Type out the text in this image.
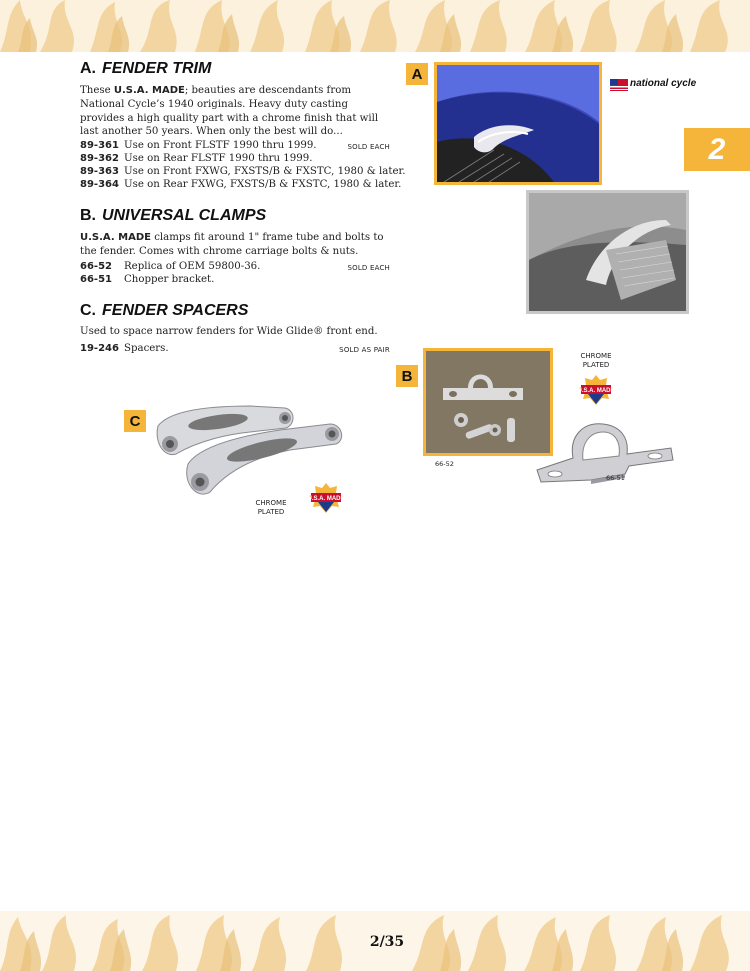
2
A. FENDER TRIM
These U.S.A. MADE; beauties are descendants from National Cycle’s 1940 originals. Heavy duty casting provides a high quality part with a chrome finish that will last another 50 years. When only the best will do...
89-361 Use on Front FLSTF 1990 thru 1999.	SOLD EACH
89-362 Use on Rear FLSTF 1990 thru 1999.
89-363 Use on Front FXWG, FXSTS/B & FXSTC, 1980 & later.
89-364 Use on Rear FXWG, FXSTS/B & FXSTC, 1980 & later.
B. UNIVERSAL CLAMPS
U.S.A. MADE clamps fit around 1" frame tube and bolts to the fender. Comes with chrome carriage bolts & nuts.
66-52 Replica of OEM 59800-36.	SOLD EACH
66-51 Chopper bracket.
C. FENDER SPACERS
Used to space narrow fenders for Wide Glide® front end.
19-246 Spacers.	SOLD AS PAIR
A
national cycle
B
66-52
CHROME
PLATED
U.S.A. MADE
66-51
C
CHROME
PLATED
U.S.A. MADE
2/35
